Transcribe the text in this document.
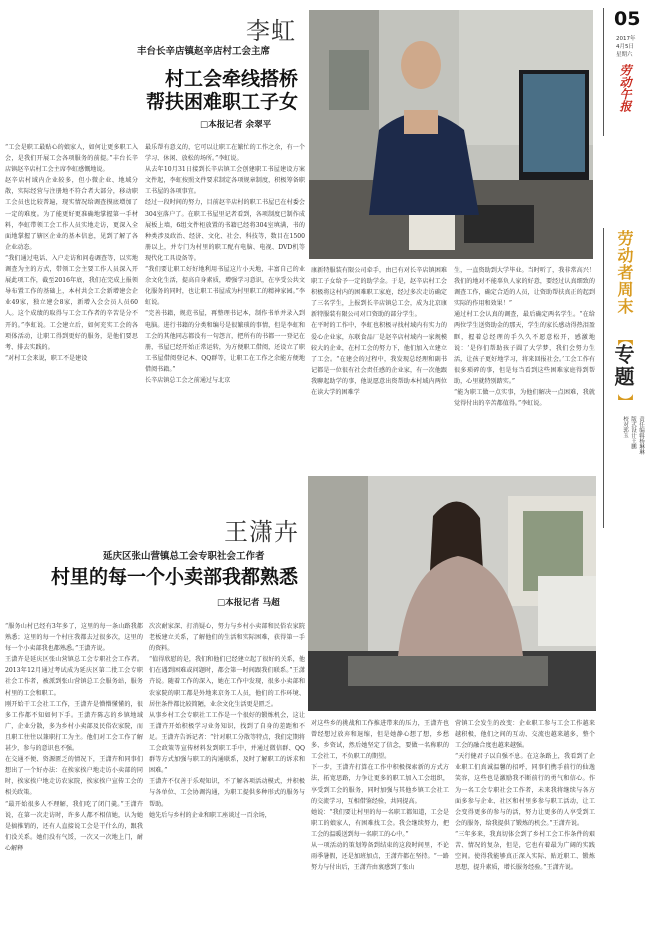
05
2017年
4月5日
星期六
劳动午报
劳动者周末
【
专题
】
责任编辑杨琳琳
版式设计王鹏
校对郭玉
李虹
丰台长辛店镇赵辛店村工会主席
村工会牵线搭桥
帮扶困难职工子女
□本报记者 余翠平
“工会是职工最贴心的娘家人，如何让更多职工入会，是我们开展工会各项服务的前提。”丰台长辛店镇赵辛店村工会主席李虹感慨地说。
赵辛店村域内企业较多，但小微企业、地域分散，实际经营与注册地不符合者大部分，移动职工会员也比较普遍，现实情况给调查摸底增加了一定的难度。为了能更好更准确地掌握第一手材料，李虹带领工会工作人员实地走访，更深入全面地掌握了辖区企业的基本信息，见到了解了各企业动态。
“我们通过电话、入户走访和问卷调查等，以实地调查为主的方式，带领工会主要工作人员深入开展此项工作，截至2016年底，我们在完成上报领导布置工作的基础上，本村共会工会新增建会企业49家，独立建会8家，新增入会会员人员60人。这个成绩的取得与工会工作者的辛苦是分不开的。”李虹说。工会建立后，如何充实工会的各项体活动，让职工得到更好的服务，是他们要思考、排去实践的。
“对村工会来说，职工不是建设
最乐帮有意义的，它可以让职工在繁忙的工作之余，有一个学习、休闲、放松的场所。”李虹说。
从去年10月31日接到长辛店镇工会创建职工书屋建设方案文件起，李虹按照文件要求制定各项规章制度，积极筹备职工书屋的各项事宜。
经过一段时间的努力，目前赵辛店村的职工书屋已在村委会304室落户了。在职工书屋里记者看到，各项制度已制作成展板上墙，6组文件柜放置的书籍已经将304室填满，书的种类涉及政治、经济、文化、社会、科技等，数目在1500册以上，并专门为村里的职工配有电脑、电视、DVD机等现代化工具设备等。
“我们要让职工好好地利用书屋这片小天地，丰富自己的业余文化生活，提高自身素质，增强学习意识，在享受公共文化服务的同时，也让职工书屋成为村里职工的精神家园。”李虹说。
“完善书籍，规范书屋，再整理书记本，制作书单并录入到电脑。进行书籍的分类和编号是很繁琐的事情，但是李虹和工会的其他同志都没有一句怨言，把所有的书都一一登记在册，书屋已经开始正常运转，为方便职工借阅，还设立了职工书屋借阅登记本、QQ群等，让职工在工作之余能方便地借阅书籍。”
长辛店镇总工会之前通过与北京
康新特服装有限公司牵手，由已有对长辛店镇困难职工子女给予一定的助学金。于是，赵辛店村工会积极将这村内的困难职工家庭，经过多次走访确定了三名学生，上报到长辛店镇总工会，成为北京康新特服装有限公司对口资助的部分学生。
在平时的工作中，李虹也积极寻找村域内有实力的爱心企业家，东联食品厂是赵辛店村域内一家规模较大的企业，在村工会的努力下，他们加入立建立了工会。“在建会的过程中，我发现总经理和副书记都是一位很有社会责任感的企业家，有一次他跟我聊起助学的事，他说愿意出资帮助本村域内两位在读大学的困难学
生，一直资助到大学毕业。当时听了，我非常高兴！我们的地对不能辜负人家的好意，要经过认真细致的调查工作，确定合适的人员，让资助帮扶真正的起到实际的作用和效果！”
通过村工会认真的调查，最后确定两名学生。“在给两位学生送资助金的那天，学生的家长感动得热泪盈眶，握着总经理的手久久不愿意松开，感激地说：‘是你们帮助孩子圆了大学梦，我们会努力生活，让孩子更好地学习，将来回报社会。’工会工作有很多琐碎的事，但是每当看到这些困难家庭得到帮助，心里就特别踏实。”
“能为职工做一点实事，为他们解决一点困难，我就觉得付出的辛苦都值得。”李虹说。
王潇卉
延庆区张山营镇总工会专职社会工作者
村里的每一个小卖部我都熟悉
□本报记者 马超
“服务山村已经有3年多了，这里的每一条山路我都熟悉；这里的每一个村庄我都去过很多次，这里的每一个小卖部我也都熟悉。”王潇卉说。
王潇卉是延庆区张山营镇总工会专职社会工作者。2013年12月通过考试成为延庆区第二批工会专职社会工作者，被派到张山营镇总工会服务站，服务村里的工会和职工。
刚开始干工会社工工作，王潇卉是懵懵懂懂的，很多工作都不知如何下手。王潇卉陈志的乡镇地域广，企业分散，多为乡村小卖部及民俗农家院，而且职工往往以兼职打工为主。他们对工会工作了解甚少，参与的意识也不强。
在交通不便、资源匮乏的情况下，王潇卉和同事们想出了一个好办法：在挨家挨户地走访小卖部的同时，挨家挨户地走访农家院，挨家挨户宣传工会的相关政策。
“最开始很多人不理解，我们吃了闭门羹。”王潇卉说，在第一次走访时，许多人都不相信她，认为她是搞推销的，还有人直接说工会是干什么的，跟我们没关系。她们没有气馁，一次又一次地上门，耐心解释
次次耐家深、打消疑心，努力与乡村小卖部和民俗农家院老板建立关系，了解他们的生活和实际困难，获得第一手的资料。
“值得欣慰的是，我们和他们已经建立起了很好的关系，他们在遇到困难或问题时，都会第一时间跟我们联系。”王潇卉说。随着工作的深入，她在工作中发现，很多小卖部和农家院的职工都是外地来京务工人员，他们的工作环境、居住条件都比较简陋，业余文化生活更是匮乏。
从事乡村工会专职社工工作是一个很好的锻炼机会，这让王潇卉开始积极学习业务知识，找到了自身的差距和不足。王潇卉告诉记者：“针对职工分散等特点，我们定期将工会政策等宣传材料发到职工手中，并通过微信群、QQ群等方式加强与职工的沟通联系，及时了解职工的诉求和困难。”
王潇卉不仅善于乐观知识，不了解各项活动模式，并积极与各单位、工会协调沟通，为职工提供多种形式的服务与帮助。
她先后与乡村的企业和职工座谈过一百余场，
对这些乡的挑战和工作推进带来的压力，王潇卉也曾经想过放弃和退缩，但是她静心想了想，乡愁多、乡资试，然后她坚定了信念，要做一名称职的工会社工，不负职工的期望。
下一步，王潇卉打算在工作中积极探索新的方式方法，拓宽思路，力争让更多的职工加入工会组织，享受到工会的服务，同时加强与其他乡镇工会社工的交流学习，互相借鉴经验，共同提高。
她说：“我们要让村里的每一名职工都知道，工会是职工的娘家人，有困难找工会。我会继续努力，把工会的温暖送到每一名职工的心中。”
从一项活动的策划筹备到结束的这段时间里，不论雨季暑假，还是加班加点，王潇卉都在坚持。“一路努力与付出后，王潇卉由衷感到了张山
营镇工会发生的改变：企业职工参与工会工作越来越积极，他们之间的互动、交流也越来越多，整个工会的融合度也越来越强。
“天行健君子以自强不息。在这条路上，我看到了企业职工们真诚温馨的招呼，同事们携手前行的仙逸笑容，这些也是激励我不断前行的勇气和信心。作为一名工会专职社会工作者，未来我将继续与各方面多参与企业、社区和村里多参与职工活动，让工会变得更多的参与的活，努力让更多的人享受到工会的服务，给我提供了锻炼的机会。”王潇卉说。
“三年多来，我真切体会到了乡村工会工作条件的艰苦、情况的复杂，但是，它也有着最为广阔的实践空间。使得我能够真正深入实际、贴近职工、锻炼思想，提升素质，增长服务经验。”王潇卉说。
